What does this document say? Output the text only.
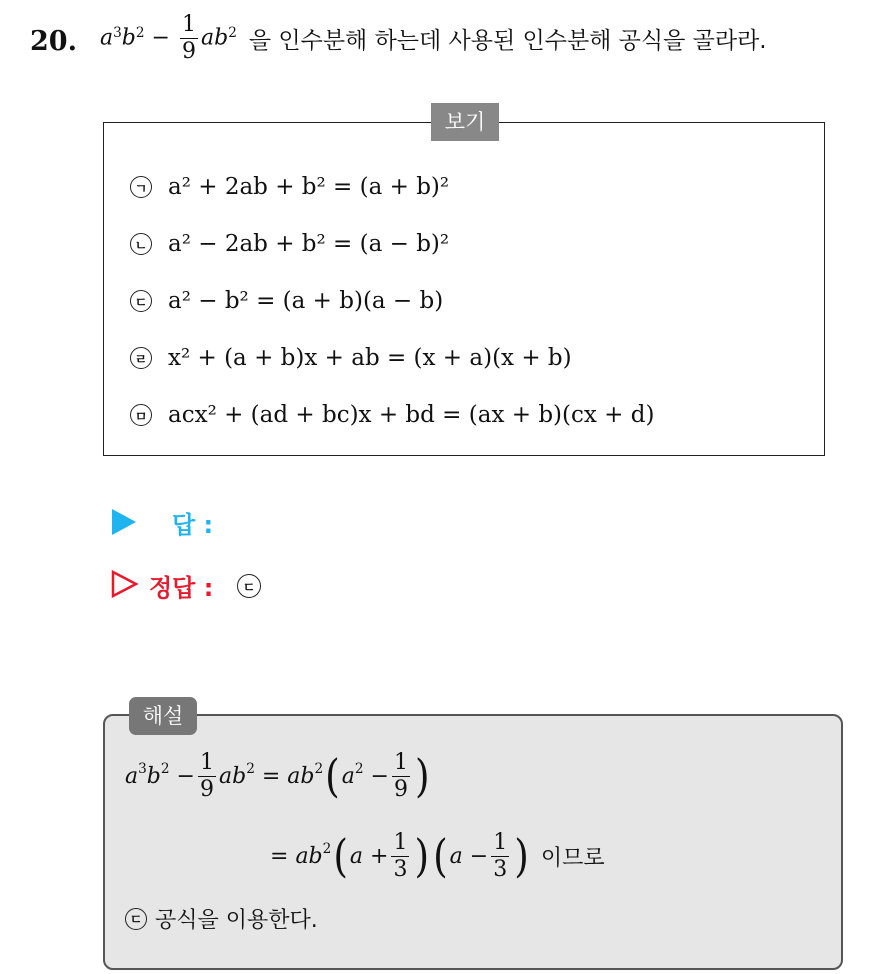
20. $a^3b^2 - \frac{1}{9} ab^2$ 을 인수분해 하는데 사용된 인수분해 공식을 골라라.
보기
ㄱ a² + 2ab + b² = (a + b)²
ㄴ a² − 2ab + b² = (a − b)²
ㄷ a² − b² = (a + b)(a − b)
ㄹ x² + (a + b)x + ab = (x + a)(x + b)
ㅁ acx² + (ad + bc)x + bd = (ax + b)(cx + d)
답 :
정답 :	ㄷ
해설
$a^3$ $b^2 - \frac{1}{9} ab^2 = ab^2$ ( $a^2 - \frac{1}{9}$ )
= $ab^2$ ( $a + \frac{1}{3}$ ) ( $a - \frac{1}{3}$ ) 이므로
ㄷ 공식을 이용한다.
